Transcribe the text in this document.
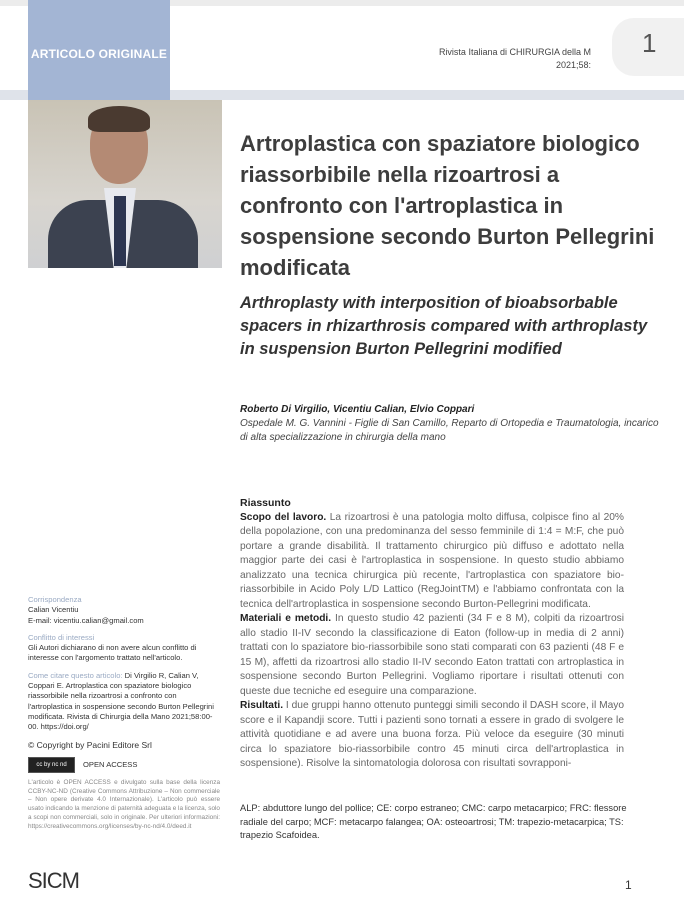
ARTICOLO ORIGINALE	Rivista Italiana di CHIRURGIA della M
2021;58:
1
Artroplastica con spaziatore biologico riassorbibile nella rizoartrosi a confronto con l'artroplastica in sospensione secondo Burton Pellegrini modificata
Arthroplasty with interposition of bioabsorbable spacers in rhizarthrosis compared with arthroplasty in suspension Burton Pellegrini modified
Roberto Di Virgilio, Vicentiu Calian, Elvio Coppari
Ospedale M. G. Vannini - Figlie di San Camillo, Reparto di Ortopedia e Traumatologia, incarico di alta specializzazione in chirurgia della mano
Riassunto
Scopo del lavoro. La rizoartrosi è una patologia molto diffusa, colpisce fino al 20% della popolazione, con una predominanza del sesso femminile di 1:4 = M:F, che può portare a grande disabilità. Il trattamento chirurgico più diffuso e adottato nella maggior parte dei casi è l'artroplastica in sospensione. In questo studio abbiamo analizzato una tecnica chirurgica più recente, l'artroplastica con spaziatore bio-riassorbibile in Acido Poly L/D Lattico (RegJointTM) e l'abbiamo confrontata con la tecnica dell'artroplastica in sospensione secondo Burton-Pellegrini modificata.
Materiali e metodi. In questo studio 42 pazienti (34 F e 8 M), colpiti da rizoartrosi allo stadio II-IV secondo la classificazione di Eaton (follow-up in media di 2 anni) trattati con lo spaziatore bio-riassorbibile sono stati comparati con 63 pazienti (48 F e 15 M), affetti da rizoartrosi allo stadio II-IV secondo Eaton trattati con artroplastica in sospensione secondo Burton Pellegrini. Vogliamo riportare i risultati ottenuti con queste due tecniche ed eseguire una comparazione.
Risultati. I due gruppi hanno ottenuto punteggi simili secondo il DASH score, il Mayo score e il Kapandji score. Tutti i pazienti sono tornati a essere in grado di svolgere le attività quotidiane e ad avere una buona forza. Più veloce da eseguire (30 minuti circa lo spaziatore bio-riassorbibile contro 45 minuti circa dell'artroplastica in sospensione). Risolve la sintomatologia dolorosa con risultati sovrapponi-
ALP: abduttore lungo del pollice; CE: corpo estraneo; CMC: carpo metacarpico; FRC: flessore radiale del carpo; MCF: metacarpo falangea; OA: osteoartrosi; TM: trapezio-metacarpica; TS: trapezio Scafoidea.

Corrispondenza
Calian Vicentiu
E-mail: vicentiu.calian@gmail.com

Conflitto di interessi
Gli Autori dichiarano di non avere alcun conflitto di interesse con l'argomento trattato nell'articolo.

Come citare questo articolo: Di Virgilio R, Calian V, Coppari E. Artroplastica con spaziatore biologico riassorbibile nella rizoartrosi a confronto con l'artroplastica in sospensione secondo Burton Pellegrini modificata. Rivista di Chirurgia della Mano 2021;58:00-00. https://doi.org/

© Copyright by Pacini Editore Srl

cc by nc nd	OPEN ACCESS
L'articolo è OPEN ACCESS e divulgato sulla base della licenza CCBY-NC-ND (Creative Commons Attribuzione – Non commerciale – Non opere derivate 4.0 Internazionale). L'articolo può essere usato indicando la menzione di paternità adeguata e la licenza, solo a scopi non commerciali, solo in originale. Per ulteriori informazioni: https://creativecommons.org/licenses/by-nc-nd/4.0/deed.it
SICM	1
